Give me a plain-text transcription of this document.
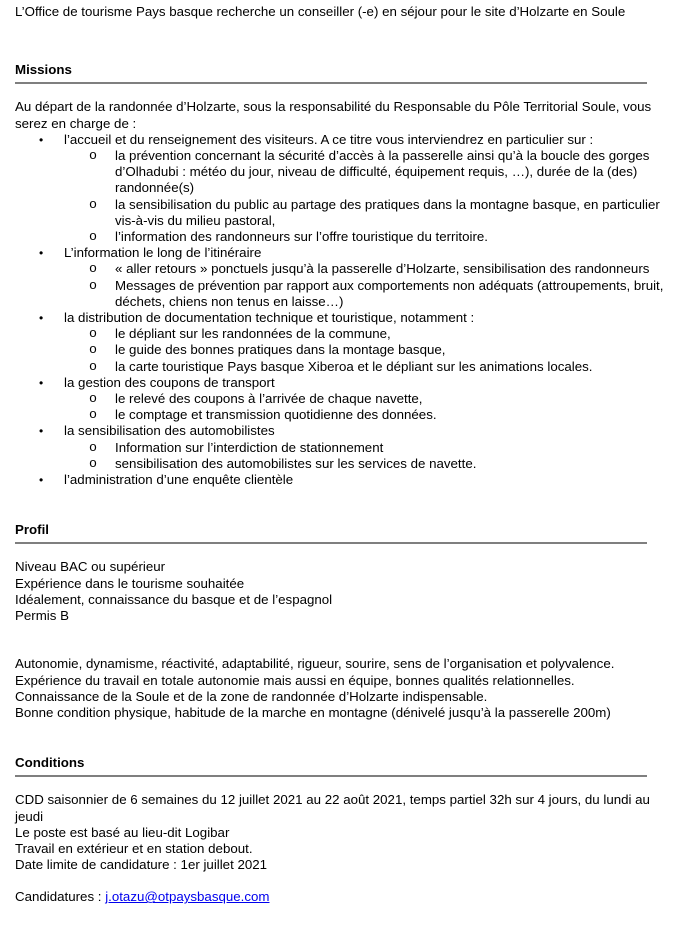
L’Office de tourisme Pays basque recherche un conseiller (-e) en séjour pour le site d’Holzarte en Soule

Missions

Au départ de la randonnée d’Holzarte, sous la responsabilité du Responsable du Pôle Territorial Soule, vous serez en charge de :

• l’accueil et du renseignement des visiteurs. A ce titre vous interviendrez en particulier sur :
o la prévention concernant la sécurité d’accès à la passerelle ainsi qu’à la boucle des gorges d’Olhadubi : météo du jour, niveau de difficulté, équipement requis, …), durée de la (des) randonnée(s)
o la sensibilisation du public au partage des pratiques dans la montagne basque, en particulier vis-à-vis du milieu pastoral,
o l’information des randonneurs sur l’offre touristique du territoire.
• L’information le long de l’itinéraire
o « aller retours » ponctuels jusqu’à la passerelle d’Holzarte, sensibilisation des randonneurs
o Messages de prévention par rapport aux comportements non adéquats (attroupements, bruit, déchets, chiens non tenus en laisse…)
• la distribution de documentation technique et touristique, notamment :
o le dépliant sur les randonnées de la commune,
o le guide des bonnes pratiques dans la montage basque,
o la carte touristique Pays basque Xiberoa et le dépliant sur les animations locales.
• la gestion des coupons de transport
o le relevé des coupons à l’arrivée de chaque navette,
o le comptage et transmission quotidienne des données.
• la sensibilisation des automobilistes
o Information sur l’interdiction de stationnement
o sensibilisation des automobilistes sur les services de navette.
• l’administration d’une enquête clientèle
Profil

Niveau BAC ou supérieur

Expérience dans le tourisme souhaitée

Idéalement, connaissance du basque et de l’espagnol

Permis B

Autonomie, dynamisme, réactivité, adaptabilité, rigueur, sourire, sens de l’organisation et polyvalence.

Expérience du travail en totale autonomie mais aussi en équipe, bonnes qualités relationnelles.

Connaissance de la Soule et de la zone de randonnée d’Holzarte indispensable.

Bonne condition physique, habitude de la marche en montagne (dénivelé jusqu’à la passerelle 200m)

Conditions

CDD saisonnier de 6 semaines du 12 juillet 2021 au 22 août 2021, temps partiel 32h sur 4 jours, du lundi au jeudi

Le poste est basé au lieu-dit Logibar

Travail en extérieur et en station debout.

Date limite de candidature : 1er juillet 2021

Candidatures : j.otazu@otpaysbasque.com
